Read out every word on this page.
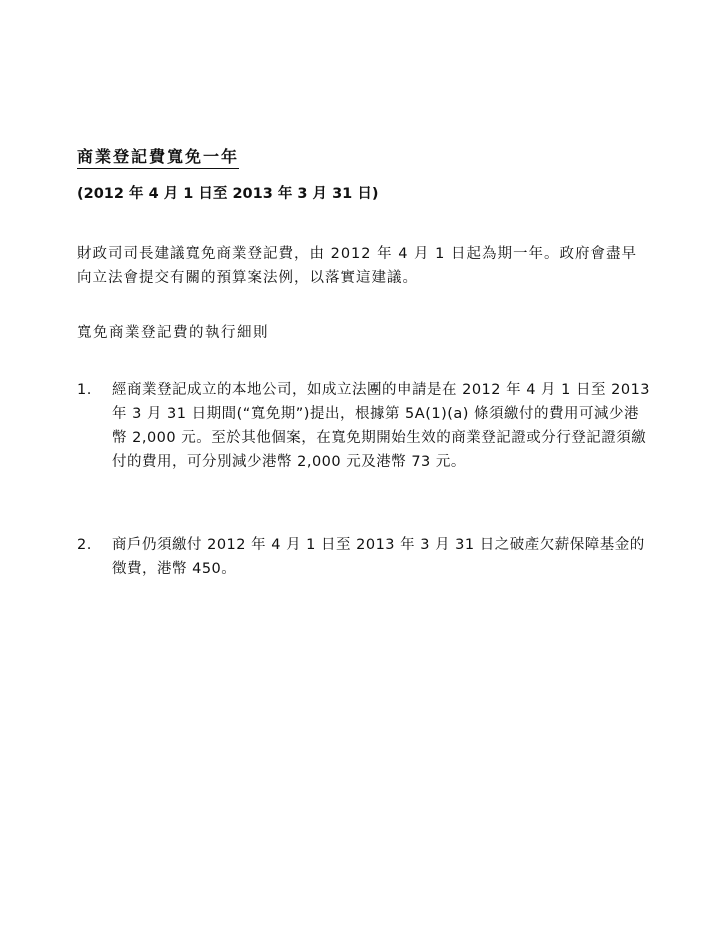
商業登記費寬免一年
(2012 年 4 月 1 日至 2013 年 3 月 31 日)
財政司司長建議寬免商業登記費，由 2012 年 4 月 1 日起為期一年。政府會盡早向立法會提交有關的預算案法例，以落實這建議。
寬免商業登記費的執行細則
1.	經商業登記成立的本地公司，如成立法團的申請是在 2012 年 4 月 1 日至 2013 年 3 月 31 日期間(“寬免期”)提出，根據第 5A(1)(a) 條須繳付的費用可減少港幣 2,000 元。至於其他個案，在寬免期開始生效的商業登記證或分行登記證須繳付的費用，可分別減少港幣 2,000 元及港幣 73 元。
2.	商戶仍須繳付 2012 年 4 月 1 日至 2013 年 3 月 31 日之破產欠薪保障基金的徵費，港幣 450。
